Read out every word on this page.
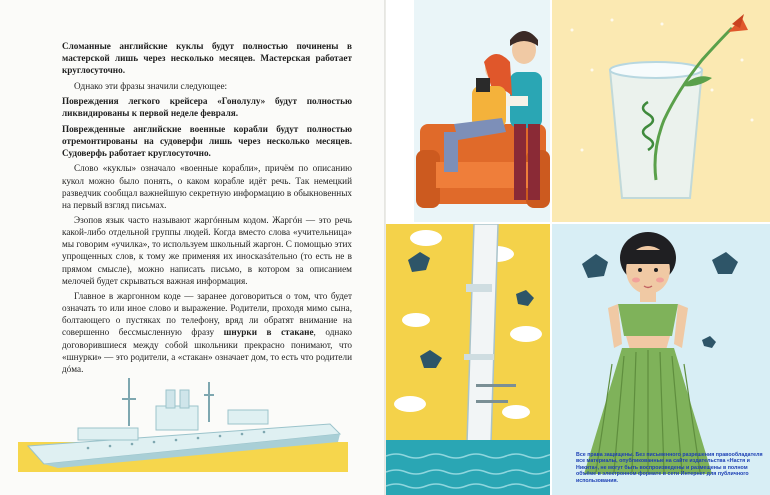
Сломанные английские куклы будут полностью починены в мастерской лишь через несколько месяцев. Мастерская работает круглосуточно.

Однако эти фразы значили следующее:

Повреждения легкого крейсера «Гонолулу» будут полностью ликвидированы к первой неделе февраля.

Поврежденные английские военные корабли будут полностью отремонтированы на судоверфи лишь через несколько месяцев. Судоверфь работает круглосуточно.

Слово «куклы» означало «военные корабли», причём по описанию кукол можно было понять, о каком корабле идёт речь. Так немецкий разведчик сообщал важнейшую секретную информацию в обыкновенных на первый взгляд письмах.

Эзопов язык часто называют жаргóнным кодом. Жаргóн — это речь какой-либо отдельной группы людей. Когда вместо слова «учительница» мы говорим «училка», то используем школьный жаргон. С помощью этих упрощенных слов, к тому же применяя их иносказáтельно (то есть не в прямом смысле), можно написать письмо, в котором за описанием мелочей будет скрываться важная информация.

Главное в жаргонном коде — заранее договориться о том, что будет означать то или иное слово и выражение. Родители, проходя мимо сына, болтающего о пустяках по телефону, вряд ли обратят внимание на совершенно бессмысленную фразу шнурки в стакане, однако договорившиеся между собой школьники прекрасно понимают, что «шнурки» — это родители, а «стакан» означает дом, то есть что родители дóма.

Все права защищены. Без письменного разрешения правообладателя все материалы, опубликованные на сайте издательства «Настя и Никита», не могут быть воспроизведены и размещены в полном объёме в электронном формате в сети Интернет для публичного использования.
